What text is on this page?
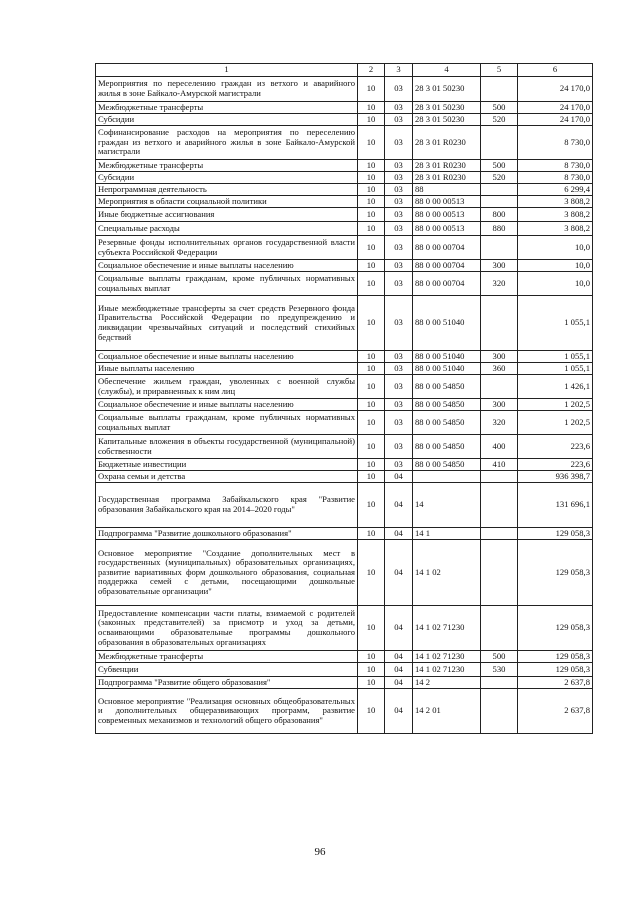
1	2	3	4	5	6
Мероприятия по переселению граждан из ветхого и аварийного жилья в зоне Байкало-Амурской магистрали	10	03	28 3 01 50230		24 170,0
Межбюджетные трансферты	10	03	28 3 01 50230	500	24 170,0
Субсидии	10	03	28 3 01 50230	520	24 170,0
Софинансирование расходов на мероприятия по переселению граждан из ветхого и аварийного жилья в зоне Байкало-Амурской магистрали	10	03	28 3 01 R0230		8 730,0
Межбюджетные трансферты	10	03	28 3 01 R0230	500	8 730,0
Субсидии	10	03	28 3 01 R0230	520	8 730,0
Непрограммная деятельность	10	03	88		6 299,4
Мероприятия в области социальной политики	10	03	88 0 00 00513		3 808,2
Иные бюджетные ассигнования	10	03	88 0 00 00513	800	3 808,2
Специальные расходы	10	03	88 0 00 00513	880	3 808,2
Резервные фонды исполнительных органов государственной власти субъекта Российской Федерации	10	03	88 0 00 00704		10,0
Социальное обеспечение и иные выплаты населению	10	03	88 0 00 00704	300	10,0
Социальные выплаты гражданам, кроме публичных нормативных социальных выплат	10	03	88 0 00 00704	320	10,0
Иные межбюджетные трансферты за счет средств Резервного фонда Правительства Российской Федерации по предупреждению и ликвидации чрезвычайных ситуаций и последствий стихийных бедствий	10	03	88 0 00 51040		1 055,1
Социальное обеспечение и иные выплаты населению	10	03	88 0 00 51040	300	1 055,1
Иные выплаты населению	10	03	88 0 00 51040	360	1 055,1
Обеспечение жильем граждан, уволенных с военной службы (службы), и приравненных к ним лиц	10	03	88 0 00 54850		1 426,1
Социальное обеспечение и иные выплаты населению	10	03	88 0 00 54850	300	1 202,5
Социальные выплаты гражданам, кроме публичных нормативных социальных выплат	10	03	88 0 00 54850	320	1 202,5
Капитальные вложения в объекты государственной (муниципальной) собственности	10	03	88 0 00 54850	400	223,6
Бюджетные инвестиции	10	03	88 0 00 54850	410	223,6
Охрана семьи и детства	10	04			936 398,7
Государственная программа Забайкальского края "Развитие образования Забайкальского края на 2014–2020 годы"	10	04	14		131 696,1
Подпрограмма "Развитие дошкольного образования"	10	04	14 1		129 058,3
Основное мероприятие "Создание дополнительных мест в государственных (муниципальных) образовательных организациях, развитие вариативных форм дошкольного образования, социальная поддержка семей с детьми, посещающими дошкольные образовательные организации"	10	04	14 1 02		129 058,3
Предоставление компенсации части платы, взимаемой с родителей (законных представителей) за присмотр и уход за детьми, осваивающими образовательные программы дошкольного образования в образовательных организациях	10	04	14 1 02 71230		129 058,3
Межбюджетные трансферты	10	04	14 1 02 71230	500	129 058,3
Субвенции	10	04	14 1 02 71230	530	129 058,3
Подпрограмма "Развитие общего образования"	10	04	14 2		2 637,8
Основное мероприятие "Реализация основных общеобразовательных и дополнительных общеразвивающих программ, развитие современных механизмов и технологий общего образования"	10	04	14 2 01		2 637,8
96
